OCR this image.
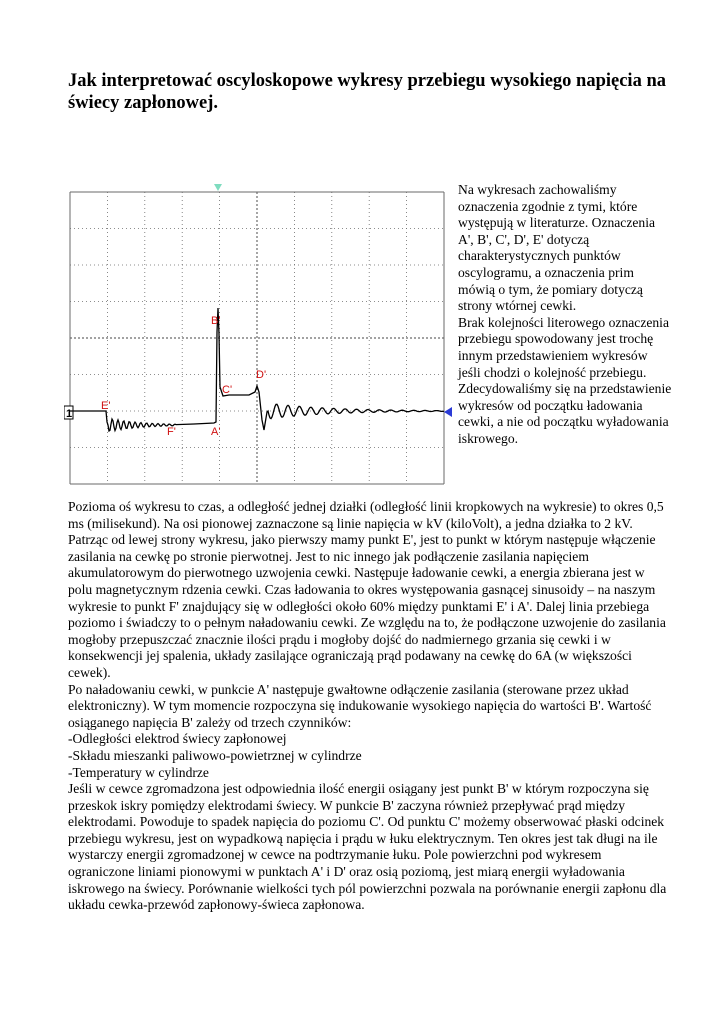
Jak interpretować oscyloskopowe wykresy przebiegu wysokiego napięcia na świecy zapłonowej.
1
B'
D'
C'
E'
F'	A'

Na wykresach zachowaliśmy oznaczenia zgodnie z tymi, które występują w literaturze. Oznaczenia A', B', C', D', E' dotyczą charakterystycznych punktów oscylogramu, a oznaczenia prim mówią o tym, że pomiary dotyczą strony wtórnej cewki.

Brak kolejności literowego oznaczenia przebiegu spowodowany jest trochę innym przedstawieniem wykresów jeśli chodzi o kolejność przebiegu. Zdecydowaliśmy się na przedstawienie wykresów od początku ładowania cewki, a nie od początku wyładowania iskrowego.

Pozioma oś wykresu to czas, a odległość jednej działki (odległość linii kropkowych na wykresie) to okres 0,5 ms (milisekund). Na osi pionowej zaznaczone są linie napięcia w kV (kiloVolt), a jedna działka to 2 kV.

Patrząc od lewej strony wykresu, jako pierwszy mamy punkt E', jest to punkt w którym następuje włączenie zasilania na cewkę po stronie pierwotnej. Jest to nic innego jak podłączenie zasilania napięciem akumulatorowym do pierwotnego uzwojenia cewki. Następuje ładowanie cewki, a energia zbierana jest w polu magnetycznym rdzenia cewki. Czas ładowania to okres występowania gasnącej sinusoidy – na naszym wykresie to punkt F' znajdujący się w odległości około 60% między punktami E' i A'. Dalej linia przebiega poziomo i świadczy to o pełnym naładowaniu cewki. Ze względu na to, że podłączone uzwojenie do zasilania mogłoby przepuszczać znacznie ilości prądu i mogłoby dojść do nadmiernego grzania się cewki i w konsekwencji jej spalenia, układy zasilające ograniczają prąd podawany na cewkę do 6A (w większości cewek).

Po naładowaniu cewki, w punkcie A' następuje gwałtowne odłączenie zasilania (sterowane przez układ elektroniczny). W tym momencie rozpoczyna się indukowanie wysokiego napięcia do wartości B'. Wartość osiąganego napięcia B' zależy od trzech czynników:

-Odległości elektrod świecy zapłonowej

-Składu mieszanki paliwowo-powietrznej w cylindrze

-Temperatury w cylindrze

Jeśli w cewce zgromadzona jest odpowiednia ilość energii osiągany jest punkt B' w którym rozpoczyna się przeskok iskry pomiędzy elektrodami świecy. W punkcie B' zaczyna również przepływać prąd między elektrodami. Powoduje to spadek napięcia do poziomu C'. Od punktu C' możemy obserwować płaski odcinek przebiegu wykresu, jest on wypadkową napięcia i prądu w łuku elektrycznym. Ten okres jest tak długi na ile wystarczy energii zgromadzonej w cewce na podtrzymanie łuku. Pole powierzchni pod wykresem ograniczone liniami pionowymi w punktach A' i D' oraz osią poziomą, jest miarą energii wyładowania iskrowego na świecy. Porównanie wielkości tych pól powierzchni pozwala na porównanie energii zapłonu dla układu cewka-przewód zapłonowy-świeca zapłonowa.
